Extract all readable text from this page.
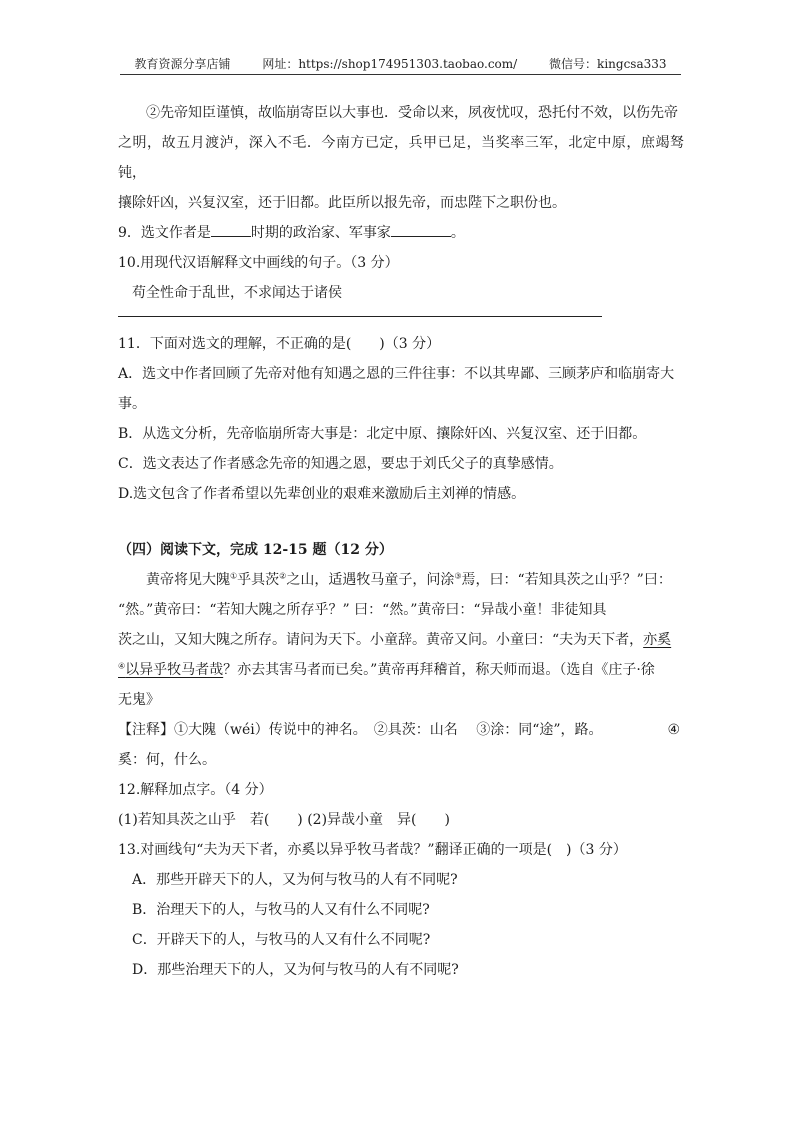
教育资源分享店铺	网址：https://shop174951303.taobao.com/	微信号：kingcsa333

②先帝知臣谨慎，故临崩寄臣以大事也．受命以来，夙夜忧叹，恐托付不效，以伤先帝
之明，故五月渡泸，深入不毛．今南方已定，兵甲已足，当奖率三军，北定中原，庶竭驽钝，
攘除奸凶，兴复汉室，还于旧都。此臣所以报先帝，而忠陛下之职份也。

9．选文作者是	时期的政治家、军事家	。

10.用现代汉语解释文中画线的句子。（3 分）

苟全性命于乱世，不求闻达于诸侯

11．下面对选文的理解，不正确的是(　　)（3 分）

A．选文中作者回顾了先帝对他有知遇之恩的三件往事：不以其卑鄙、三顾茅庐和临崩寄大
事。

B．从选文分析，先帝临崩所寄大事是：北定中原、攘除奸凶、兴复汉室、还于旧都。

C．选文表达了作者感念先帝的知遇之恩，要忠于刘氏父子的真挚感情。

D.选文包含了作者希望以先辈创业的艰难来激励后主刘禅的情感。

（四）阅读下文，完成 12-15 题（12 分）

黄帝将见大隗①乎具茨②之山，适遇牧马童子，问涂③焉，曰：“若知具茨之山乎？”曰：
“然。”黄帝曰：“若知大隗之所存乎？” 曰：“然。”黄帝曰：“异哉小童！非徒知具
茨之山，又知大隗之所存。请问为天下。小童辞。黄帝又问。小童曰：“夫为天下者，亦奚
④以异乎牧马者哉？亦去其害马者而已矣。”黄帝再拜稽首，称天师而退。（选自《庄子·徐
无鬼》

【注释】①大隗（wéi）传说中的神名。　②具茨：山名　 ③涂：同“途”，路。	④

奚：何，什么。

12.解释加点字。（4 分）

(1)若知具茨之山乎　若(　　) (2)异哉小童　异(　　)

13.对画线句“夫为天下者，亦奚以异乎牧马者哉？”翻译正确的一项是(　)（3 分）

A．那些开辟天下的人，又为何与牧马的人有不同呢?

B．治理天下的人，与牧马的人又有什么不同呢?

C．开辟天下的人，与牧马的人又有什么不同呢?

D．那些治理天下的人，又为何与牧马的人有不同呢?
